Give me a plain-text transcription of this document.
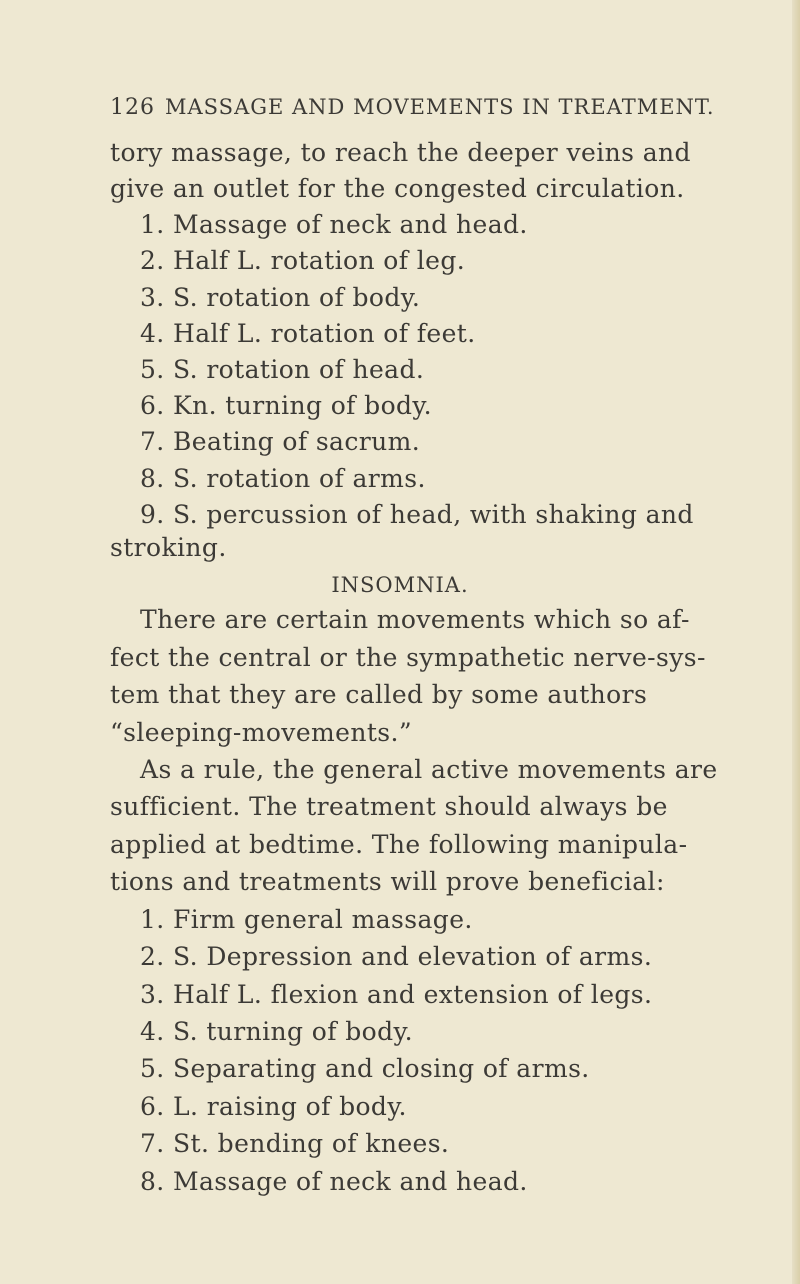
126 MASSAGE AND MOVEMENTS IN TREATMENT.
tory massage, to reach the deeper veins and
give an outlet for the congested circulation.
1. Massage of neck and head.
2. Half L. rotation of leg.
3. S. rotation of body.
4. Half L. rotation of feet.
5. S. rotation of head.
6. Kn. turning of body.
7. Beating of sacrum.
8. S. rotation of arms.
9. S. percussion of head, with shaking and
stroking.
INSOMNIA.
There are certain movements which so af-
fect the central or the sympathetic nerve-sys-
tem that they are called by some authors
“sleeping-movements.”
As a rule, the general active movements are
sufficient. The treatment should always be
applied at bedtime. The following manipula-
tions and treatments will prove beneficial:
1. Firm general massage.
2. S. Depression and elevation of arms.
3. Half L. flexion and extension of legs.
4. S. turning of body.
5. Separating and closing of arms.
6. L. raising of body.
7. St. bending of knees.
8. Massage of neck and head.
